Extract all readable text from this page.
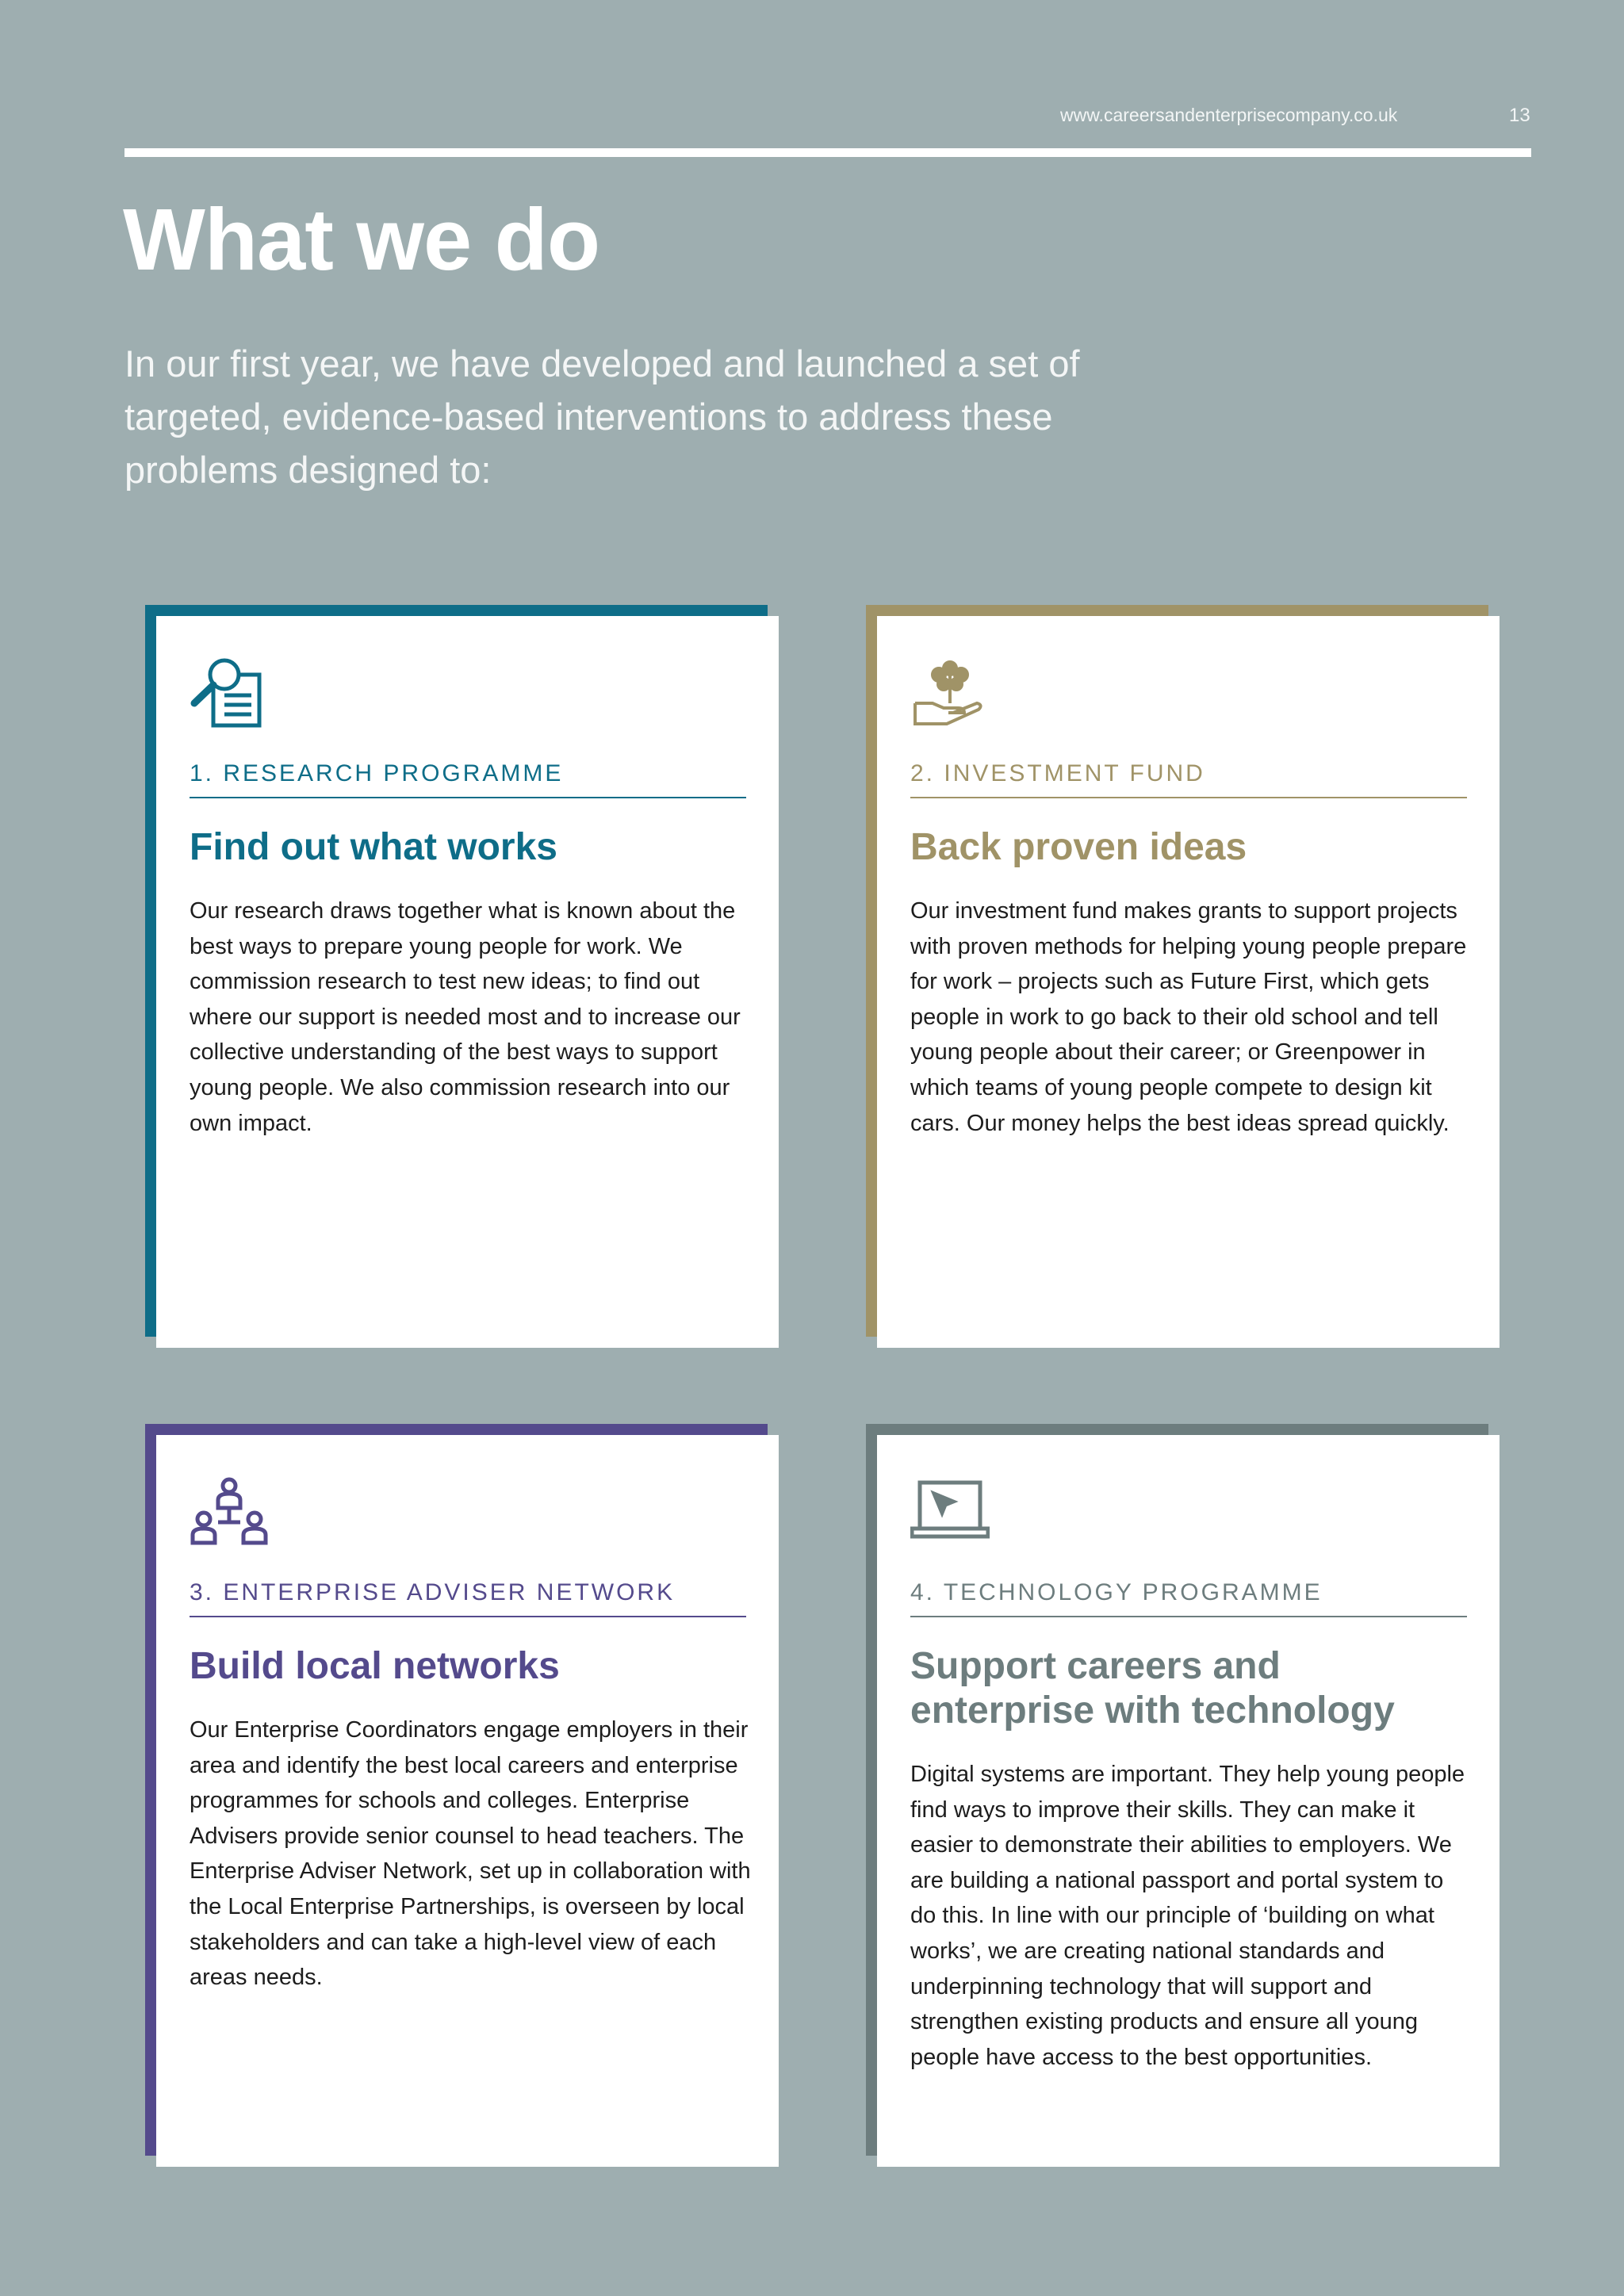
www.careersandenterprisecompany.co.uk	13
What we do

In our first year, we have developed and launched a set of targeted, evidence-based interventions to address these problems designed to:

1. RESEARCH PROGRAMME
Find out what works

Our research draws together what is known about the best ways to prepare young people for work. We commission research to test new ideas; to find out where our support is needed most and to increase our collective understanding of the best ways to support young people. We also commission research into our own impact.

2. INVESTMENT FUND
Back proven ideas

Our investment fund makes grants to support projects with proven methods for helping young people prepare for work – projects such as Future First, which gets people in work to go back to their old school and tell young people about their career; or Greenpower in which teams of young people compete to design kit cars. Our money helps the best ideas spread quickly.

3. ENTERPRISE ADVISER NETWORK
Build local networks

Our Enterprise Coordinators engage employers in their area and identify the best local careers and enterprise programmes for schools and colleges. Enterprise Advisers provide senior counsel to head teachers. The Enterprise Adviser Network, set up in collaboration with the Local Enterprise Partnerships, is overseen by local stakeholders and can take a high-level view of each areas needs.

4. TECHNOLOGY PROGRAMME
Support careers and enterprise with technology

Digital systems are important. They help young people find ways to improve their skills. They can make it easier to demonstrate their abilities to employers. We are building a national passport and portal system to do this. In line with our principle of ‘building on what works’, we are creating national standards and underpinning technology that will support and strengthen existing products and ensure all young people have access to the best opportunities.
